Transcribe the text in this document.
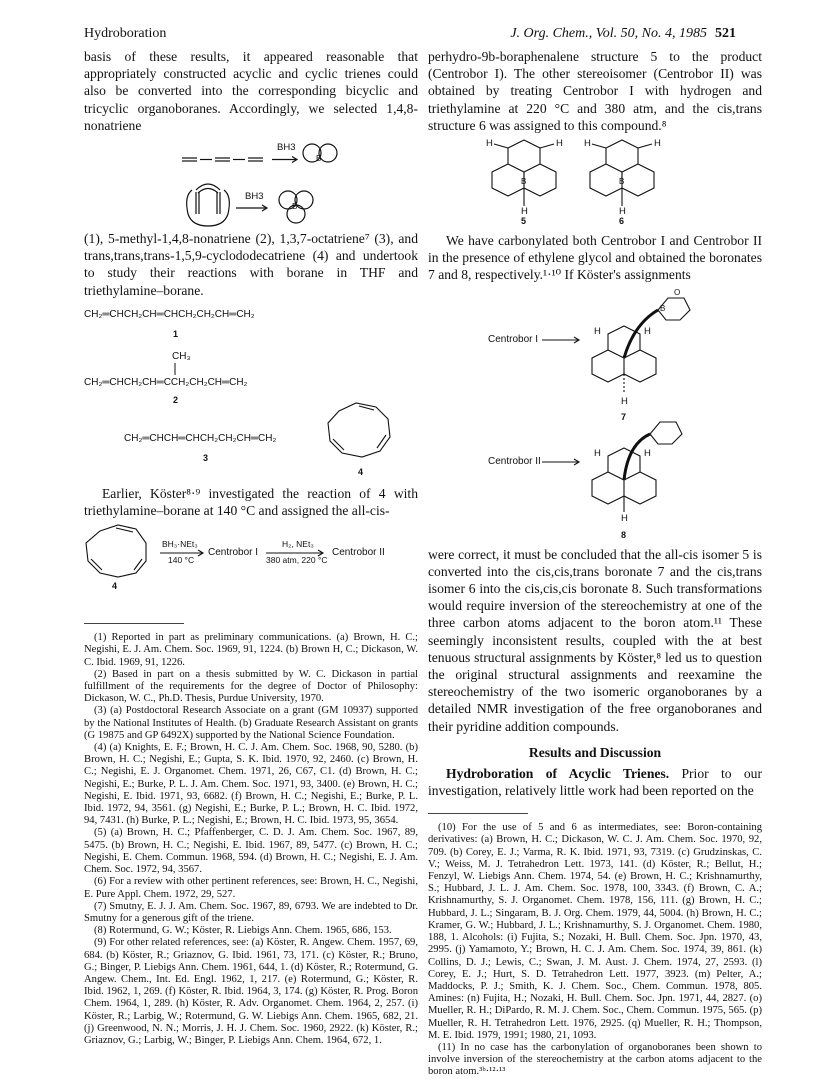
Hydroboration	J. Org. Chem., Vol. 50, No. 4, 1985 521

basis of these results, it appeared reasonable that appropriately constructed acyclic and cyclic trienes could also be converted into the corresponding bicyclic and tricyclic organoboranes. Accordingly, we selected 1,4,8-nonatriene

BH3
BH3
B
B

(1), 5-methyl-1,4,8-nonatriene (2), 1,3,7-octatriene⁷ (3), and trans,trans,trans-1,5,9-cyclododecatriene (4) and undertook to study their reactions with borane in THF and triethylamine–borane.

CH₂═CHCH₂CH═CHCH₂CH₂CH═CH₂
1
CH₃
CH₂═CHCH₂CH═CCH₂CH₂CH═CH₂
2
CH₂═CHCH═CHCH₂CH₂CH═CH₂
3
4

Earlier, Köster⁸·⁹ investigated the reaction of 4 with triethylamine–borane at 140 °C and assigned the all-cis-

BH₃·NEt₃
140 °C
Centrobor I
H₂, NEt₃
380 atm, 220 °C
Centrobor II
4

(1) Reported in part as preliminary communications. (a) Brown, H. C.; Negishi, E. J. Am. Chem. Soc. 1969, 91, 1224. (b) Brown H, C.; Dickason, W. C. Ibid. 1969, 91, 1226.

(2) Based in part on a thesis submitted by W. C. Dickason in partial fulfillment of the requirements for the degree of Doctor of Philosophy: Dickason, W. C., Ph.D. Thesis, Purdue University, 1970.

(3) (a) Postdoctoral Research Associate on a grant (GM 10937) supported by the National Institutes of Health. (b) Graduate Research Assistant on grants (G 19875 and GP 6492X) supported by the National Science Foundation.

(4) (a) Knights, E. F.; Brown, H. C. J. Am. Chem. Soc. 1968, 90, 5280. (b) Brown, H. C.; Negishi, E.; Gupta, S. K. Ibid. 1970, 92, 2460. (c) Brown, H. C.; Negishi, E. J. Organomet. Chem. 1971, 26, C67, C1. (d) Brown, H. C.; Negishi, E.; Burke, P. L. J. Am. Chem. Soc. 1971, 93, 3400. (e) Brown, H. C.; Negishi, E. Ibid. 1971, 93, 6682. (f) Brown, H. C.; Negishi, E.; Burke, P. L. Ibid. 1972, 94, 3561. (g) Negishi, E.; Burke, P. L.; Brown, H. C. Ibid. 1972, 94, 7431. (h) Burke, P. L.; Negishi, E.; Brown, H. C. Ibid. 1973, 95, 3654.

(5) (a) Brown, H. C.; Pfaffenberger, C. D. J. Am. Chem. Soc. 1967, 89, 5475. (b) Brown, H. C.; Negishi, E. Ibid. 1967, 89, 5477. (c) Brown, H. C.; Negishi, E. Chem. Commun. 1968, 594. (d) Brown, H. C.; Negishi, E. J. Am. Chem. Soc. 1972, 94, 3567.

(6) For a review with other pertinent references, see: Brown, H. C., Negishi, E. Pure Appl. Chem. 1972, 29, 527.

(7) Smutny, E. J. J. Am. Chem. Soc. 1967, 89, 6793. We are indebted to Dr. Smutny for a generous gift of the triene.

(8) Rotermund, G. W.; Köster, R. Liebigs Ann. Chem. 1965, 686, 153.

(9) For other related references, see: (a) Köster, R. Angew. Chem. 1957, 69, 684. (b) Köster, R.; Griaznov, G. Ibid. 1961, 73, 171. (c) Köster, R.; Bruno, G.; Binger, P. Liebigs Ann. Chem. 1961, 644, 1. (d) Köster, R.; Rotermund, G. Angew. Chem., Int. Ed. Engl. 1962, 1, 217. (e) Rotermund, G.; Köster, R. Ibid. 1962, 1, 269. (f) Köster, R. Ibid. 1964, 3, 174. (g) Köster, R. Prog. Boron Chem. 1964, 1, 289. (h) Köster, R. Adv. Organomet. Chem. 1964, 2, 257. (i) Köster, R.; Larbig, W.; Rotermund, G. W. Liebigs Ann. Chem. 1965, 682, 21. (j) Greenwood, N. N.; Morris, J. H. J. Chem. Soc. 1960, 2922. (k) Köster, R.; Griaznov, G.; Larbig, W.; Binger, P. Liebigs Ann. Chem. 1964, 672, 1.

perhydro-9b-boraphenalene structure 5 to the product (Centrobor I). The other stereoisomer (Centrobor II) was obtained by treating Centrobor I with hydrogen and triethylamine at 220 °C and 380 atm, and the cis,trans structure 6 was assigned to this compound.⁸

H	H
B
H
H	H
B
H
5	6

We have carbonylated both Centrobor I and Centrobor II in the presence of ethylene glycol and obtained the boronates 7 and 8, respectively.¹·¹⁰ If Köster's assignments

Centrobor I
H	H
O
B
H
7
Centrobor II
H	H
H
8

were correct, it must be concluded that the all-cis isomer 5 is converted into the cis,cis,trans boronate 7 and the cis,trans isomer 6 into the cis,cis,cis boronate 8. Such transformations would require inversion of the stereochemistry at one of the three carbon atoms adjacent to the boron atom.¹¹ These seemingly inconsistent results, coupled with the at best tenuous structural assignments by Köster,⁸ led us to question the original structural assignments and reexamine the stereochemistry of the two isomeric organoboranes by a detailed NMR investigation of the free organoboranes and their pyridine addition compounds.

Results and Discussion

Hydroboration of Acyclic Trienes. Prior to our investigation, relatively little work had been reported on the

(10) For the use of 5 and 6 as intermediates, see: Boron-containing derivatives: (a) Brown, H. C.; Dickason, W. C. J. Am. Chem. Soc. 1970, 92, 709. (b) Corey, E. J.; Varma, R. K. Ibid. 1971, 93, 7319. (c) Grudzinskas, C. V.; Weiss, M. J. Tetrahedron Lett. 1973, 141. (d) Köster, R.; Bellut, H.; Fenzyl, W. Liebigs Ann. Chem. 1974, 54. (e) Brown, H. C.; Krishnamurthy, S.; Hubbard, J. L. J. Am. Chem. Soc. 1978, 100, 3343. (f) Brown, C. A.; Krishnamurthy, S. J. Organomet. Chem. 1978, 156, 111. (g) Brown, H. C.; Hubbard, J. L.; Singaram, B. J. Org. Chem. 1979, 44, 5004. (h) Brown, H. C.; Kramer, G. W.; Hubbard, J. L.; Krishnamurthy, S. J. Organomet. Chem. 1980, 188, 1. Alcohols: (i) Fujita, S.; Nozaki, H. Bull. Chem. Soc. Jpn. 1970, 43, 2995. (j) Yamamoto, Y.; Brown, H. C. J. Am. Chem. Soc. 1974, 39, 861. (k) Collins, D. J.; Lewis, C.; Swan, J. M. Aust. J. Chem. 1974, 27, 2593. (l) Corey, E. J.; Hurt, S. D. Tetrahedron Lett. 1977, 3923. (m) Pelter, A.; Maddocks, P. J.; Smith, K. J. Chem. Soc., Chem. Commun. 1978, 805. Amines: (n) Fujita, H.; Nozaki, H. Bull. Chem. Soc. Jpn. 1971, 44, 2827. (o) Mueller, R. H.; DiPardo, R. M. J. Chem. Soc., Chem. Commun. 1975, 565. (p) Mueller, R. H. Tetrahedron Lett. 1976, 2925. (q) Mueller, R. H.; Thompson, M. E. Ibid. 1979, 1991; 1980, 21, 1093.

(11) In no case has the carbonylation of organoboranes been shown to involve inversion of the stereochemistry at the carbon atoms adjacent to the boron atom.³ᵇ·¹²·¹³
